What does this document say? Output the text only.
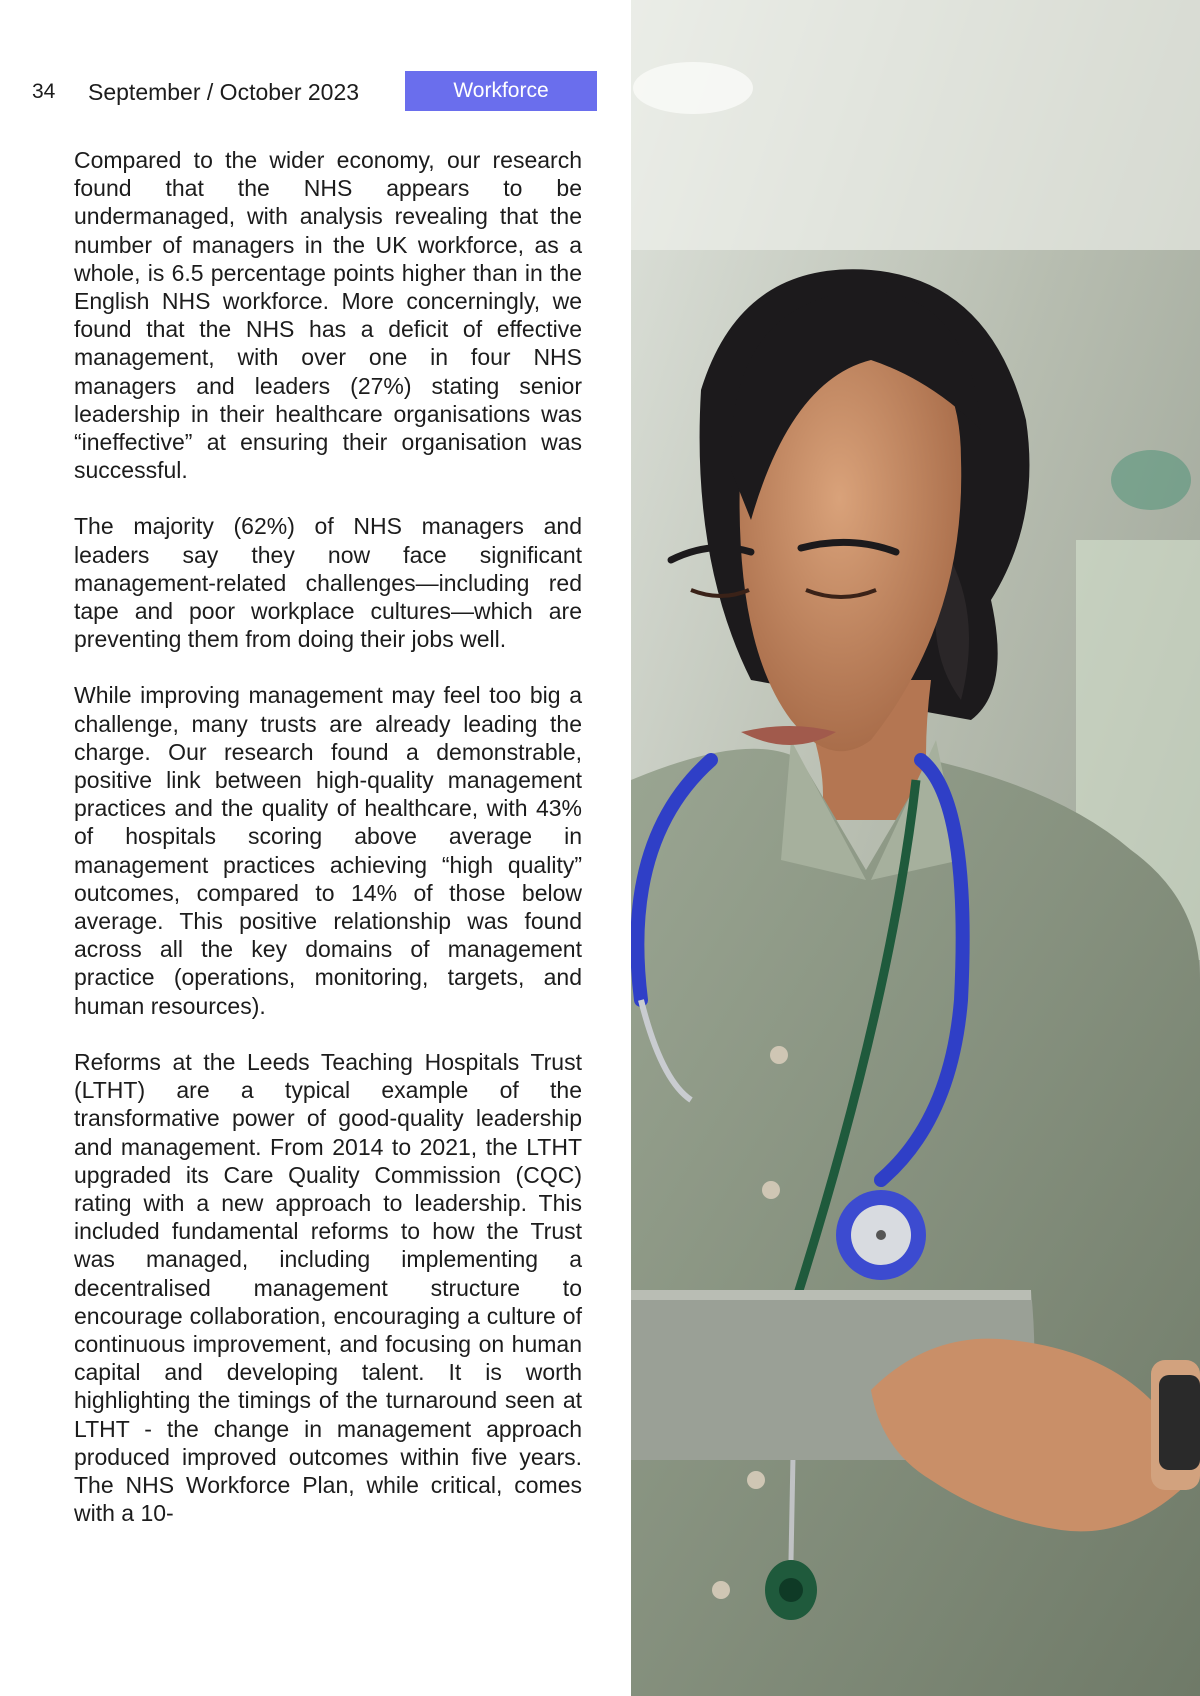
34 September / October 2023	Workforce

Compared to the wider economy, our research found that the NHS appears to be undermanaged, with analysis revealing that the number of managers in the UK workforce, as a whole, is 6.5 percentage points higher than in the English NHS workforce. More concerningly, we found that the NHS has a deficit of effective management, with over one in four NHS managers and leaders (27%) stating senior leadership in their healthcare organisations was “ineffective” at ensuring their organisation was successful.

The majority (62%) of NHS managers and leaders say they now face significant management-related challenges—including red tape and poor workplace cultures—which are preventing them from doing their jobs well.

While improving management may feel too big a challenge, many trusts are already leading the charge. Our research found a demonstrable, positive link between high-quality management practices and the quality of healthcare, with 43% of hospitals scoring above average in management practices achieving “high quality” outcomes, compared to 14% of those below average. This positive relationship was found across all the key domains of management practice (operations, monitoring, targets, and human resources).

Reforms at the Leeds Teaching Hospitals Trust (LTHT) are a typical example of the transformative power of good-quality leadership and management. From 2014 to 2021, the LTHT upgraded its Care Quality Commission (CQC) rating with a new approach to leadership. This included fundamental reforms to how the Trust was managed, including implementing a decentralised management structure to encourage collaboration, encouraging a culture of continuous improvement, and focusing on human capital and developing talent. It is worth highlighting the timings of the turnaround seen at LTHT - the change in management approach produced improved outcomes within five years. The NHS Workforce Plan, while critical, comes with a 10-
